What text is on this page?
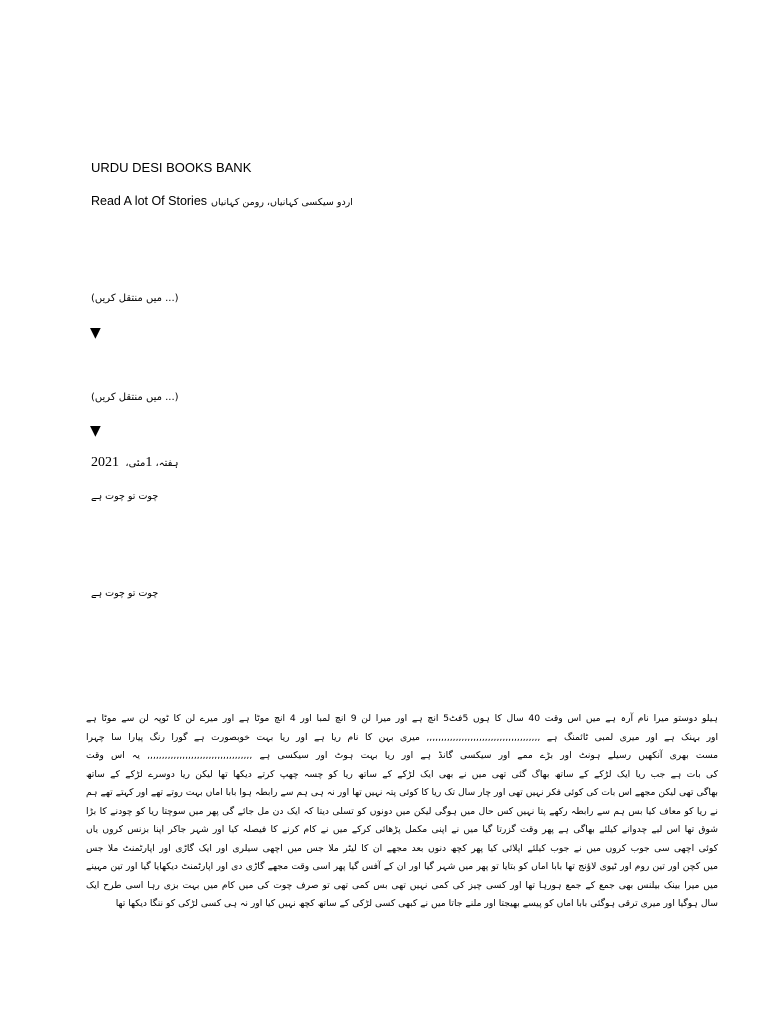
URDU DESI BOOKS BANK
Read A lot Of Stories اردو سیکسی کہانیاں، رومن کہانیاں
(میں منتقل کریں ...)
▼
(میں منتقل کریں ...)
▼
2021 مئی، 1 ہفتہ،
چوت تو چوت ہے
چوت تو چوت ہے
ہیلو دوستو میرا نام آرہ ہے میں اس وقت 40 سال کا ہوں 5فٹ5 انچ ہے اور میرا لن 9 انچ لمبا اور 4 انچ موٹا ہے اور میرے لن کا ٹوپہ لن سے موٹا ہے
اور بہنک ہے اور میری لمبی ٹائمنگ ہے ,,,,,,,,,,,,,,,,,,,,,,,,,,,,,,,,,,,,,,, میری بہن کا نام ریا ہے اور ریا بہت خوبصورت ہے گورا رنگ پیارا سا چہرا
مست بھری آنکھیں رسیلے ہونٹ اور بڑے ممے اور سیکسی گانڈ ہے اور ریا بہت ہوٹ اور سیکسی ہے ,,,,,,,,,,,,,,,,,,,,,,,,,,,,,,,,,,,, یہ اس وقت
کی بات ہے جب ریا ایک لڑکے کے ساتھ بھاگ گئی تھی میں نے بھی ایک لڑکے کے ساتھ ریا کو چسہ چھپ کرتے دیکھا تھا لیکن ریا دوسرے لڑکے کے ساتھ
بھاگی تھی لیکن مجھے اس بات کی کوئی فکر نہیں تھی اور چار سال تک ریا کا کوئی پتہ نہیں تھا اور نہ ہی ہم سے رابطہ ہوا بابا اماں بہت روتے تھے اور کہتے تھے ہم
نے ریا کو معاف کیا بس ہم سے رابطہ رکھے پتا نہیں کس حال میں ہوگی لیکن میں دونوں کو تسلی دیتا کہ ایک دن مل جائے گی پھر میں سوچتا ریا کو چودنے کا بڑا
شوق تھا اس لیے چدوانے کیلئے بھاگی ہے پھر وقت گزرتا گیا میں نے اپنی مکمل پڑھائی کرکے میں نے کام کرنے کا فیصلہ کیا اور شہر جاکر اپنا بزنس کروں یاں
کوئی اچھی سی جوب کروں میں نے جوب کیلئے اپلائی کیا پھر کچھ دنوں بعد مجھے ان کا لیٹر ملا جس میں اچھی سیلری اور ایک گاڑی اور اپارٹمنٹ ملا جس
میں کچن اور تین روم اور ٹیوی لاؤنج تھا بابا اماں کو بتایا تو پھر میں شہر گیا اور ان کے آفس گیا پھر اسی وقت مجھے گاڑی دی اور اپارٹمنٹ دیکھایا گیا اور تین مہینے
میں میرا بینک بیلنس بھی جمع کے جمع ہورہا تھا اور کسی چیز کی کمی نہیں تھی بس کمی تھی تو صرف چوت کی میں کام میں بہت بزی رہا اسی طرح ایک
سال ہوگیا اور میری ترقی ہوگئی بابا اماں کو پیسے بھیجتا اور ملنے جاتا میں نے کبھی کسی لڑکی کے ساتھ کچھ نہیں کیا اور نہ ہی کسی لڑکی کو ننگا دیکھا تھا
